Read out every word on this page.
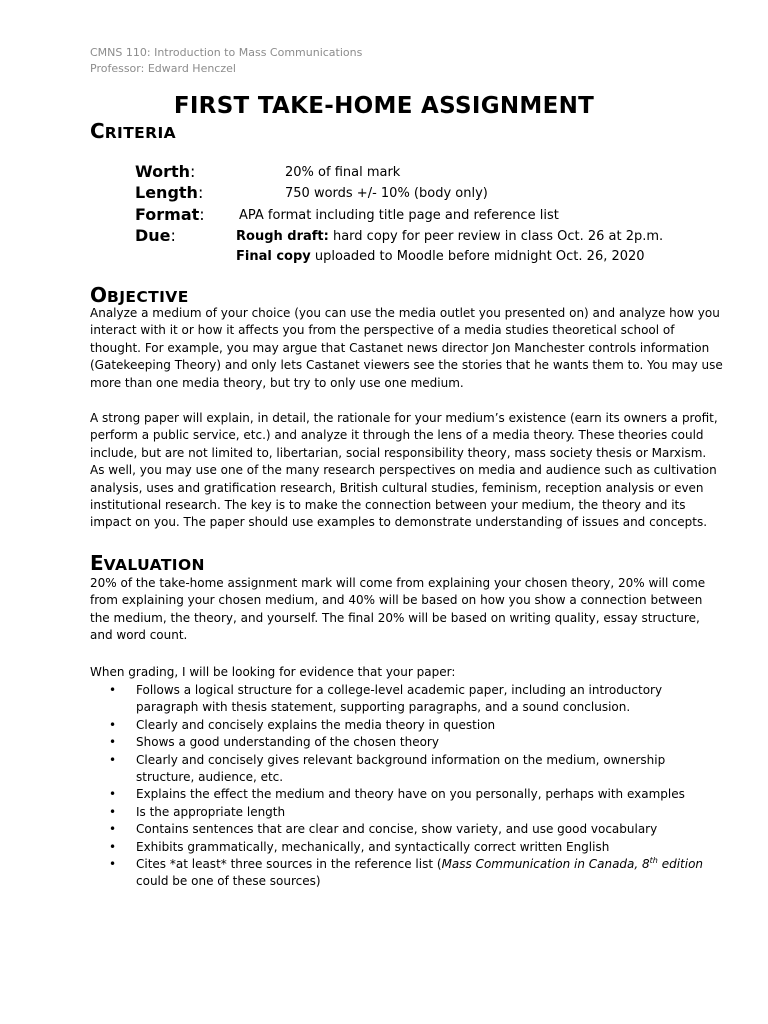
CMNS 110: Introduction to Mass Communications
Professor: Edward Henczel
FIRST TAKE-HOME ASSIGNMENT
CRITERIA
Worth:	20% of final mark
Length:	750 words +/- 10% (body only)
Format:	APA format including title page and reference list
Due:	Rough draft: hard copy for peer review in class Oct. 26 at 2p.m.
Final copy uploaded to Moodle before midnight Oct. 26, 2020
OBJECTIVE
Analyze a medium of your choice (you can use the media outlet you presented on) and analyze how you
interact with it or how it affects you from the perspective of a media studies theoretical school of
thought. For example, you may argue that Castanet news director Jon Manchester controls information
(Gatekeeping Theory) and only lets Castanet viewers see the stories that he wants them to. You may use
more than one media theory, but try to only use one medium.
A strong paper will explain, in detail, the rationale for your medium’s existence (earn its owners a profit,
perform a public service, etc.) and analyze it through the lens of a media theory. These theories could
include, but are not limited to, libertarian, social responsibility theory, mass society thesis or Marxism.
As well, you may use one of the many research perspectives on media and audience such as cultivation
analysis, uses and gratification research, British cultural studies, feminism, reception analysis or even
institutional research. The key is to make the connection between your medium, the theory and its
impact on you. The paper should use examples to demonstrate understanding of issues and concepts.
EVALUATION
20% of the take-home assignment mark will come from explaining your chosen theory, 20% will come
from explaining your chosen medium, and 40% will be based on how you show a connection between
the medium, the theory, and yourself. The final 20% will be based on writing quality, essay structure,
and word count.
When grading, I will be looking for evidence that your paper:
• Follows a logical structure for a college-level academic paper, including an introductory
paragraph with thesis statement, supporting paragraphs, and a sound conclusion.
• Clearly and concisely explains the media theory in question
• Shows a good understanding of the chosen theory
• Clearly and concisely gives relevant background information on the medium, ownership
structure, audience, etc.
• Explains the effect the medium and theory have on you personally, perhaps with examples
• Is the appropriate length
• Contains sentences that are clear and concise, show variety, and use good vocabulary
• Exhibits grammatically, mechanically, and syntactically correct written English
• Cites *at least* three sources in the reference list (Mass Communication in Canada, 8th edition
could be one of these sources)
